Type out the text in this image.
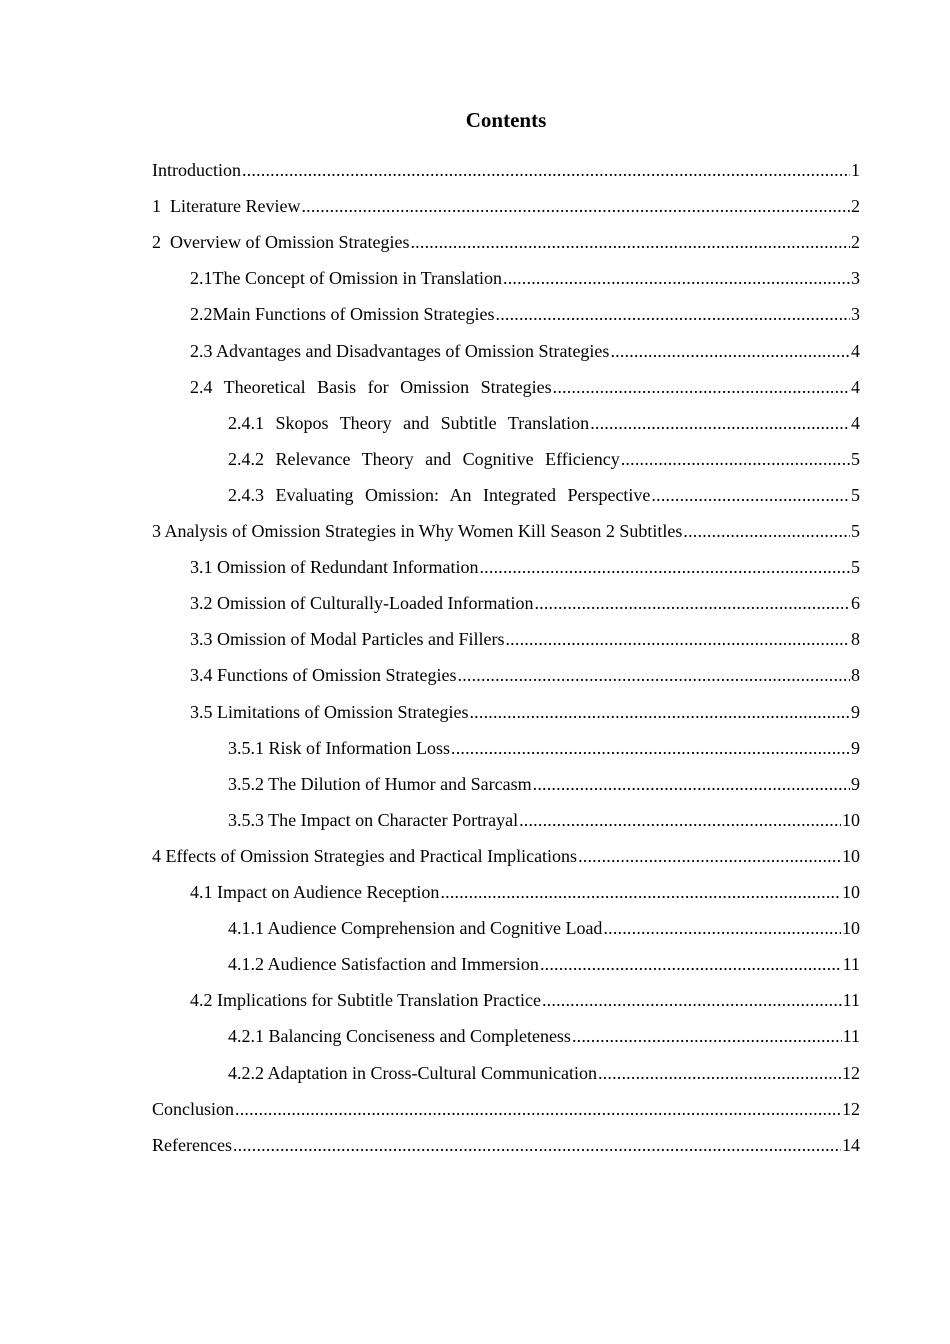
Contents
Introduction .....	1
1  Literature Review .....	2
2  Overview of Omission Strategies .....	2
2.1The Concept of Omission in Translation .....	3
2.2Main Functions of Omission Strategies .....	3
2.3 Advantages and Disadvantages of Omission Strategies .....	4
2.4 Theoretical Basis for Omission Strategies .....	4
2.4.1 Skopos Theory and Subtitle Translation .....	4
2.4.2 Relevance Theory and Cognitive Efficiency .....	5
2.4.3 Evaluating Omission: An Integrated Perspective .....	5
3 Analysis of Omission Strategies in Why Women Kill Season 2 Subtitles .....	5
3.1 Omission of Redundant Information .....	5
3.2 Omission of Culturally-Loaded Information .....	6
3.3 Omission of Modal Particles and Fillers .....	8
3.4 Functions of Omission Strategies .....	8
3.5 Limitations of Omission Strategies .....	9
3.5.1 Risk of Information Loss .....	9
3.5.2 The Dilution of Humor and Sarcasm .....	9
3.5.3 The Impact on Character Portrayal .....	10
4 Effects of Omission Strategies and Practical Implications .....	10
4.1 Impact on Audience Reception .....	10
4.1.1 Audience Comprehension and Cognitive Load .....	10
4.1.2 Audience Satisfaction and Immersion .....	11
4.2 Implications for Subtitle Translation Practice .....	11
4.2.1 Balancing Conciseness and Completeness .....	11
4.2.2 Adaptation in Cross-Cultural Communication .....	12
Conclusion .....	12
References .....	14
